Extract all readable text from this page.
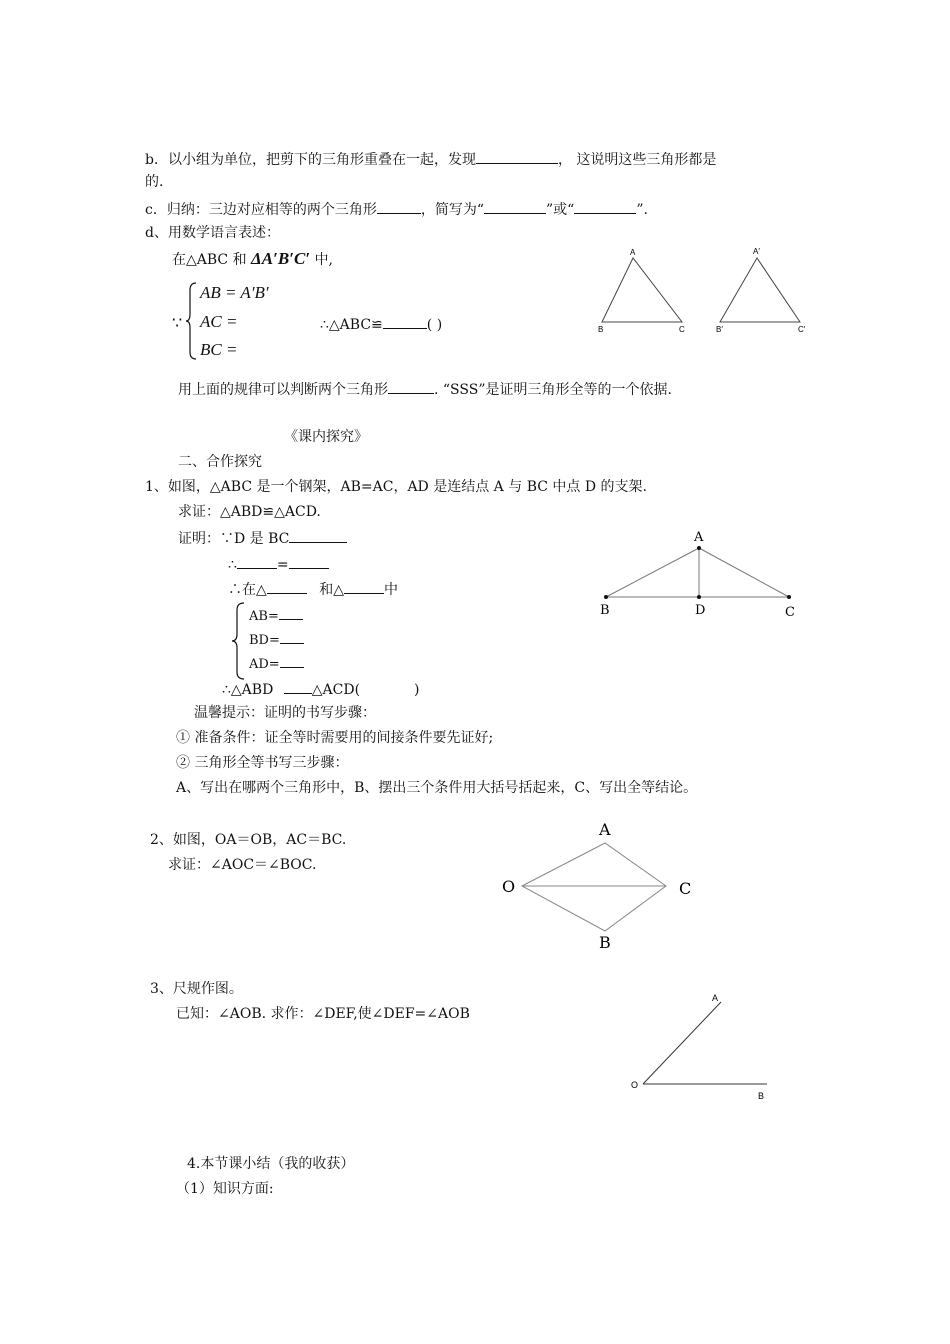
b．以小组为单位，把剪下的三角形重叠在一起，发现	， 这说明这些三角形都是
的.
c．归纳：三边对应相等的两个三角形	，简写为“	”或“	”.
d、用数学语言表述：
在△ABC 和 ΔA′B′C′ 中,
∵
AB = A′B′
AC =
BC =
∴△ABC≌	( )
用上面的规律可以判断两个三角形	. “SSS”是证明三角形全等的一个依据.
A
B	C
A′
B′	C′
《课内探究》
二、合作探究
1、如图，△ABC 是一个钢架，AB=AC，AD 是连结点 A 与 BC 中点 D 的支架.
求证：△ABD≌△ACD.
证明：∵D 是 BC
∴	=
∴在△	和△	中
AB=
BD=
AD=
∴△ABD	△ACD(	)
温馨提示：证明的书写步骤：
① 准备条件：证全等时需要用的间接条件要先证好;
② 三角形全等书写三步骤：
A、写出在哪两个三角形中，B、摆出三个条件用大括号括起来，C、写出全等结论。
A
B	D	C
2、如图，OA＝OB，AC＝BC.
求证：∠AOC＝∠BOC.
A
O	C
B
3、尺规作图。
已知：∠AOB. 求作：∠DEF,使∠DEF=∠AOB
A
O
B
4.本节课小结（我的收获）
（1）知识方面:
